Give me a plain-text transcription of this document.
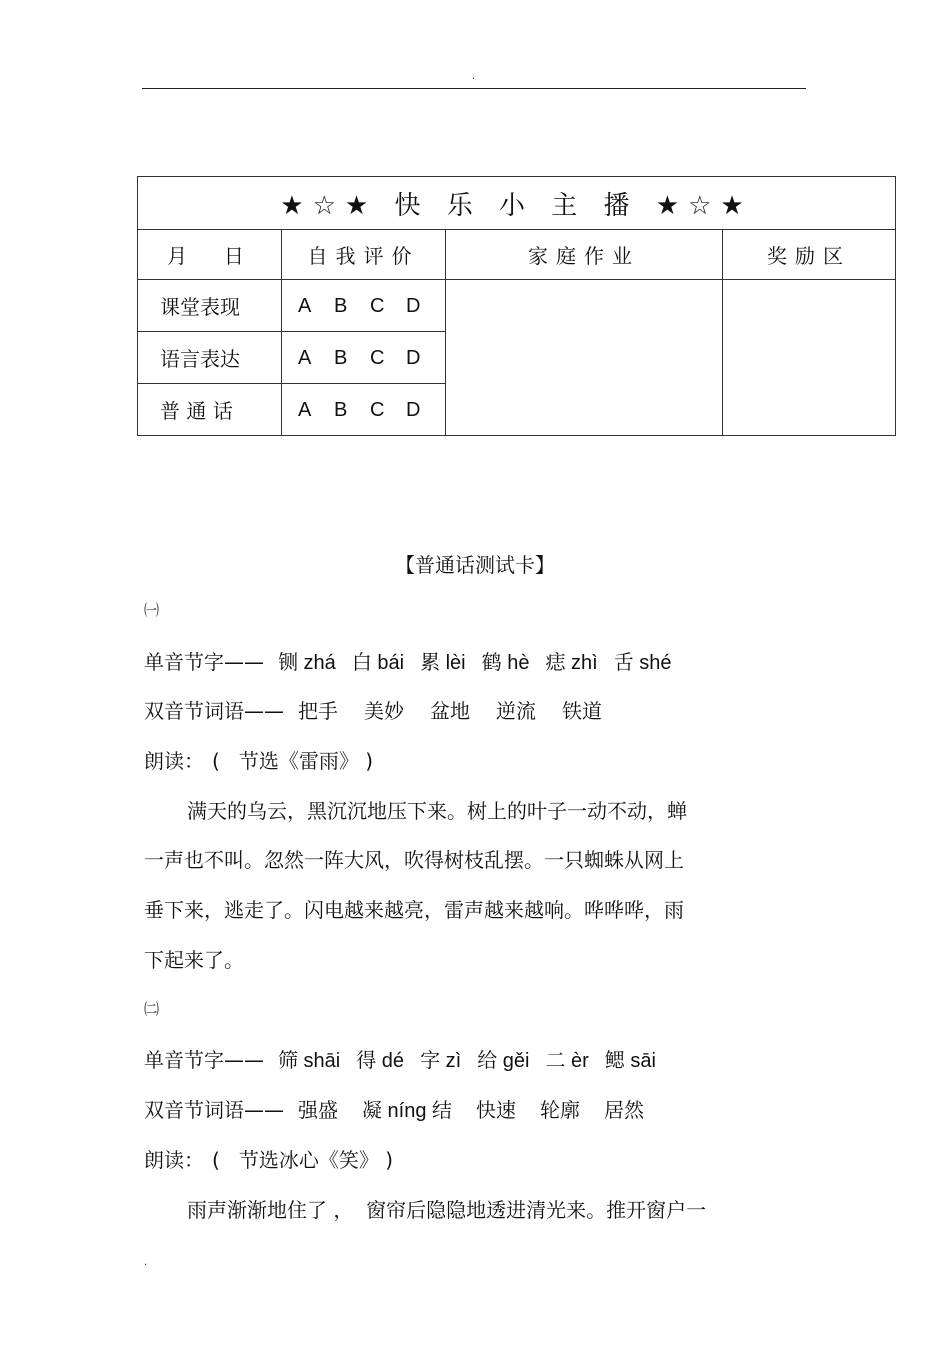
.
★☆★ 快 乐 小 主 播 ★☆★			
月  日	自我评价	家庭作业	奖励区
课堂表现	A B C D		
语言表达	A B C D		
普 通 话	A B C D		
【普通话测试卡】
㈠
单音节字—— 铡 zhá 白 bái 累 lèi 鹤 hè 痣 zhì 舌 shé
双音节词语—— 把手 美妙 盆地 逆流 铁道
朗读： (   节选《雷雨》 )
满天的乌云，黑沉沉地压下来。树上的叶子一动不动，蝉
一声也不叫。忽然一阵大风，吹得树枝乱摆。一只蜘蛛从网上
垂下来，逃走了。闪电越来越亮，雷声越来越响。哗哗哗，雨
下起来了。
㈡
单音节字—— 筛 shāi 得 dé 字 zì 给 gěi 二 èr 鳃 sāi
双音节词语—— 强盛 凝 níng 结 快速 轮廓 居然
朗读： (   节选冰心《笑》 )
雨声渐渐地住了 ，  窗帘后隐隐地透进清光来。推开窗户一
.
